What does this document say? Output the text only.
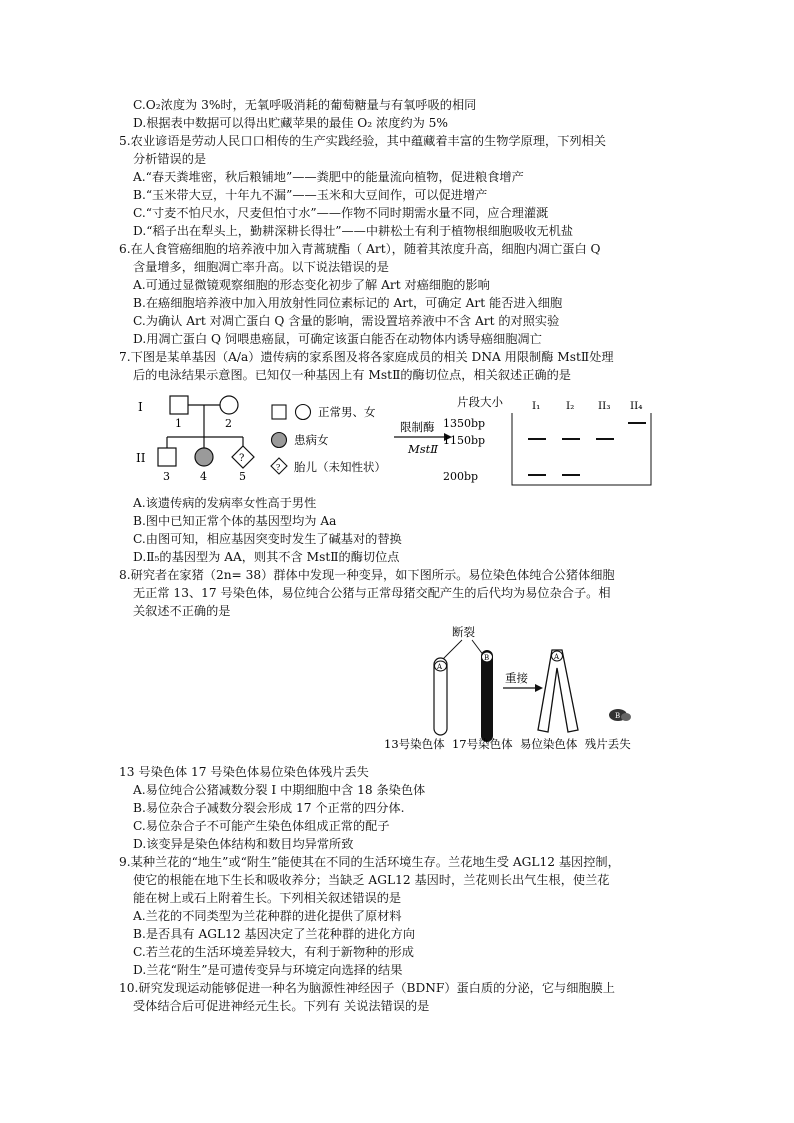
C.O₂浓度为 3%时，无氧呼吸消耗的葡萄糖量与有氧呼吸的相同
D.根据表中数据可以得出贮藏苹果的最佳 O₂ 浓度约为 5%
5.农业谚语是劳动人民口口相传的生产实践经验，其中蕴藏着丰富的生物学原理，下列相关
分析错误的是
A.“春天粪堆密，秋后粮铺地”——粪肥中的能量流向植物，促进粮食增产
B.“玉米带大豆，十年九不漏”——玉米和大豆间作，可以促进增产
C.“寸麦不怕尺水，尺麦但怕寸水”——作物不同时期需水量不同，应合理灌溉
D.“稻子出在犁头上，勤耕深耕长得壮”——中耕松土有利于植物根细胞吸收无机盐
6.在人食管癌细胞的培养液中加入青蒿琥酯（ Art），随着其浓度升高，细胞内凋亡蛋白 Q
含量增多，细胞凋亡率升高。以下说法错误的是
A.可通过显微镜观察细胞的形态变化初步了解 Art 对癌细胞的影响
B.在癌细胞培养液中加入用放射性同位素标记的 Art，可确定 Art 能否进入细胞
C.为确认 Art 对凋亡蛋白 Q 含量的影响，需设置培养液中不含 Art 的对照实验
D.用凋亡蛋白 Q 饲喂患癌鼠，可确定该蛋白能否在动物体内诱导癌细胞凋亡
7.下图是某单基因（A/a）遗传病的家系图及将各家庭成员的相关 DNA 用限制酶 MstⅡ处理
后的电泳结果示意图。已知仅一种基因上有 MstⅡ的酶切位点，相关叙述正确的是
I
1	2
II	?
3	4	5
正常男、女
患病女
? 胎儿（未知性状）
限制酶
MstⅡ
片段大小	I₁ I₂ II₃ II₄
1350bp
1150bp
200bp
A.该遗传病的发病率女性高于男性
B.图中已知正常个体的基因型均为 Aa
C.由图可知，相应基因突变时发生了碱基对的替换
D.Ⅱ₅的基因型为 AA，则其不含 MstⅡ的酶切位点
8.研究者在家猪（2n= 38）群体中发现一种变异，如下图所示。易位染色体纯合公猪体细胞
无正常 13、17 号染色体，易位纯合公猪与正常母猪交配产生的后代均为易位杂合子。相
关叙述不正确的是
断裂
A
B
重接
A
B
13号染色体  17号染色体  易位染色体  残片丢失
13 号染色体 17 号染色体易位染色体残片丢失
A.易位纯合公猪减数分裂 I 中期细胞中含 18 条染色体
B.易位杂合子减数分裂会形成 17 个正常的四分体.
C.易位杂合子不可能产生染色体组成正常的配子
D.该变异是染色体结构和数目均异常所致
9.某种兰花的“地生”或“附生”能使其在不同的生活环境生存。兰花地生受 AGL12 基因控制，
使它的根能在地下生长和吸收养分；当缺乏 AGL12 基因时，兰花则长出气生根，使兰花
能在树上或石上附着生长。下列相关叙述错误的是
A.兰花的不同类型为兰花种群的进化提供了原材料
B.是否具有 AGL12 基因决定了兰花种群的进化方向
C.若兰花的生活环境差异较大，有利于新物种的形成
D.兰花“附生”是可遗传变异与环境定向选择的结果
10.研究发现运动能够促进一种名为脑源性神经因子（BDNF）蛋白质的分泌，它与细胞膜上
受体结合后可促进神经元生长。下列有 关说法错误的是
